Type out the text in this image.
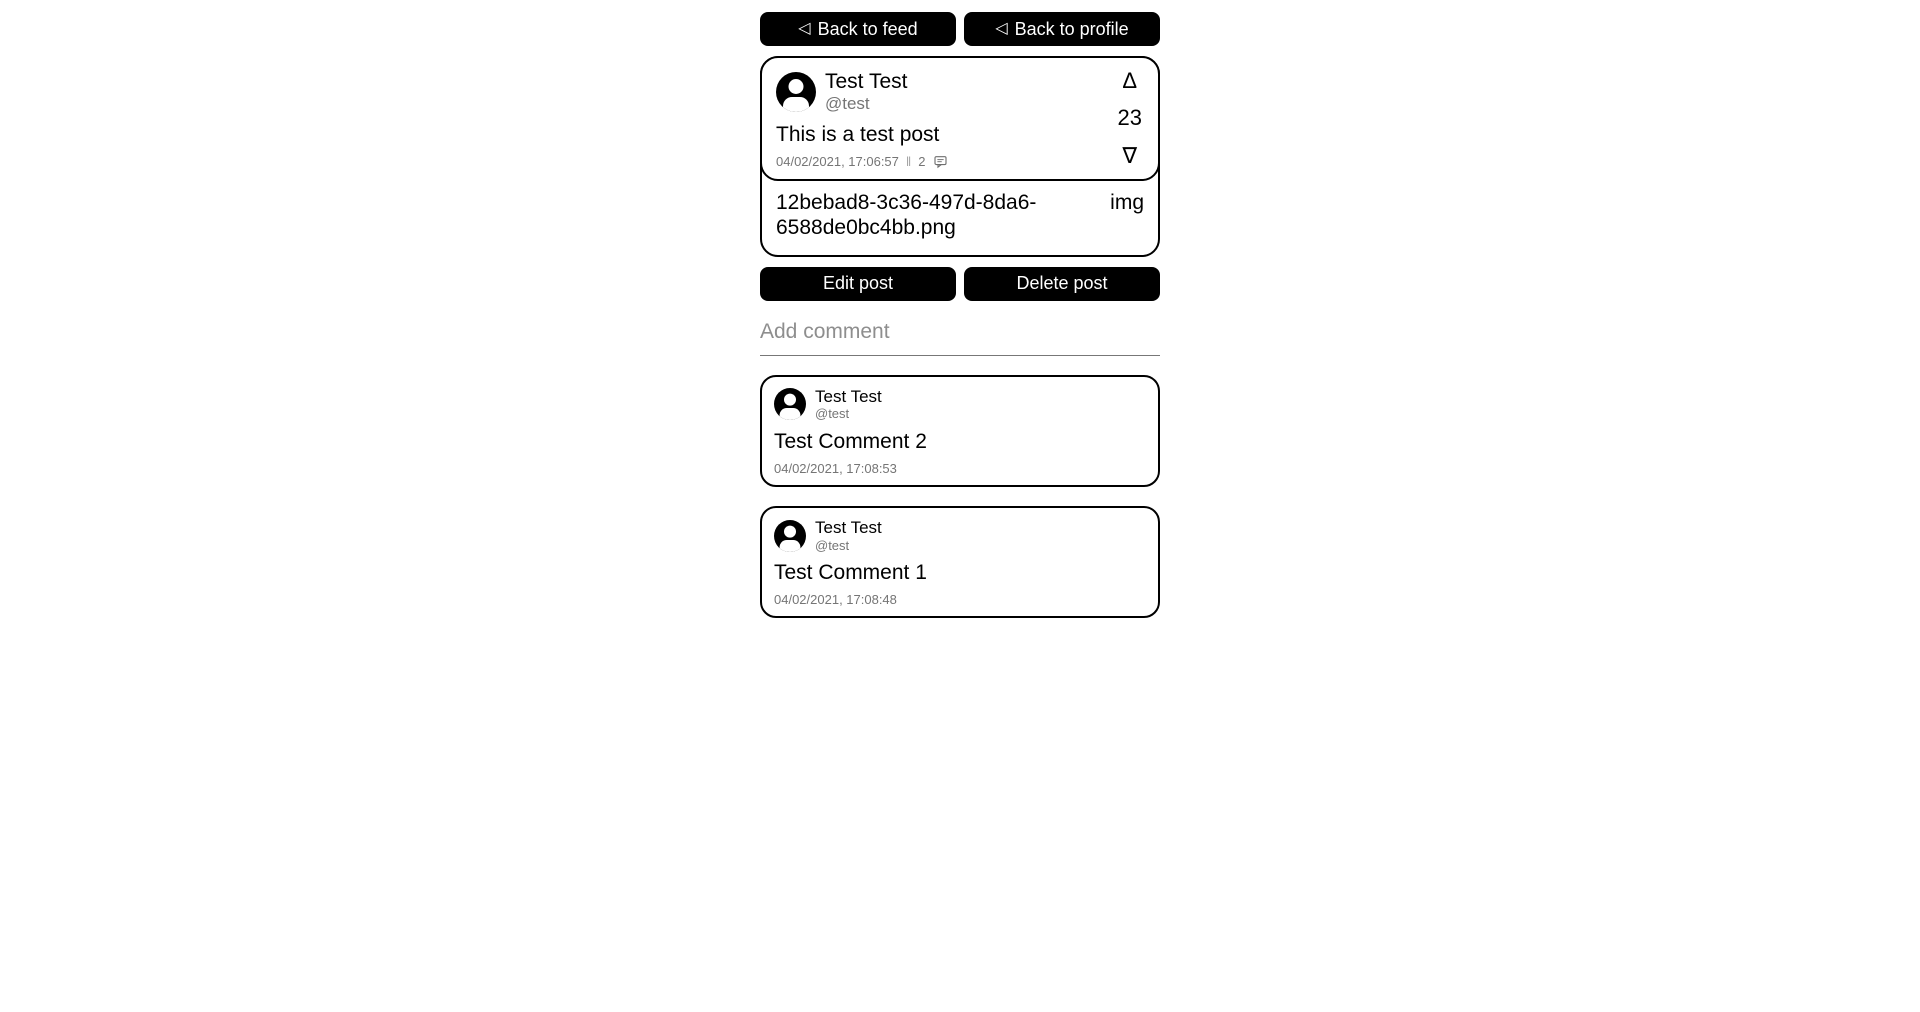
◁ Back to feed	◁ Back to profile
Test Test
@test
This is a test post
04/02/2021, 17:06:57 ‖ 2
Δ
23
∇
12bebad8-3c36-497d-8da6-6588de0bc4bb.png
img
Edit post	Delete post
Add comment
Test Test
@test
Test Comment 2
04/02/2021, 17:08:53
Test Test
@test
Test Comment 1
04/02/2021, 17:08:48
